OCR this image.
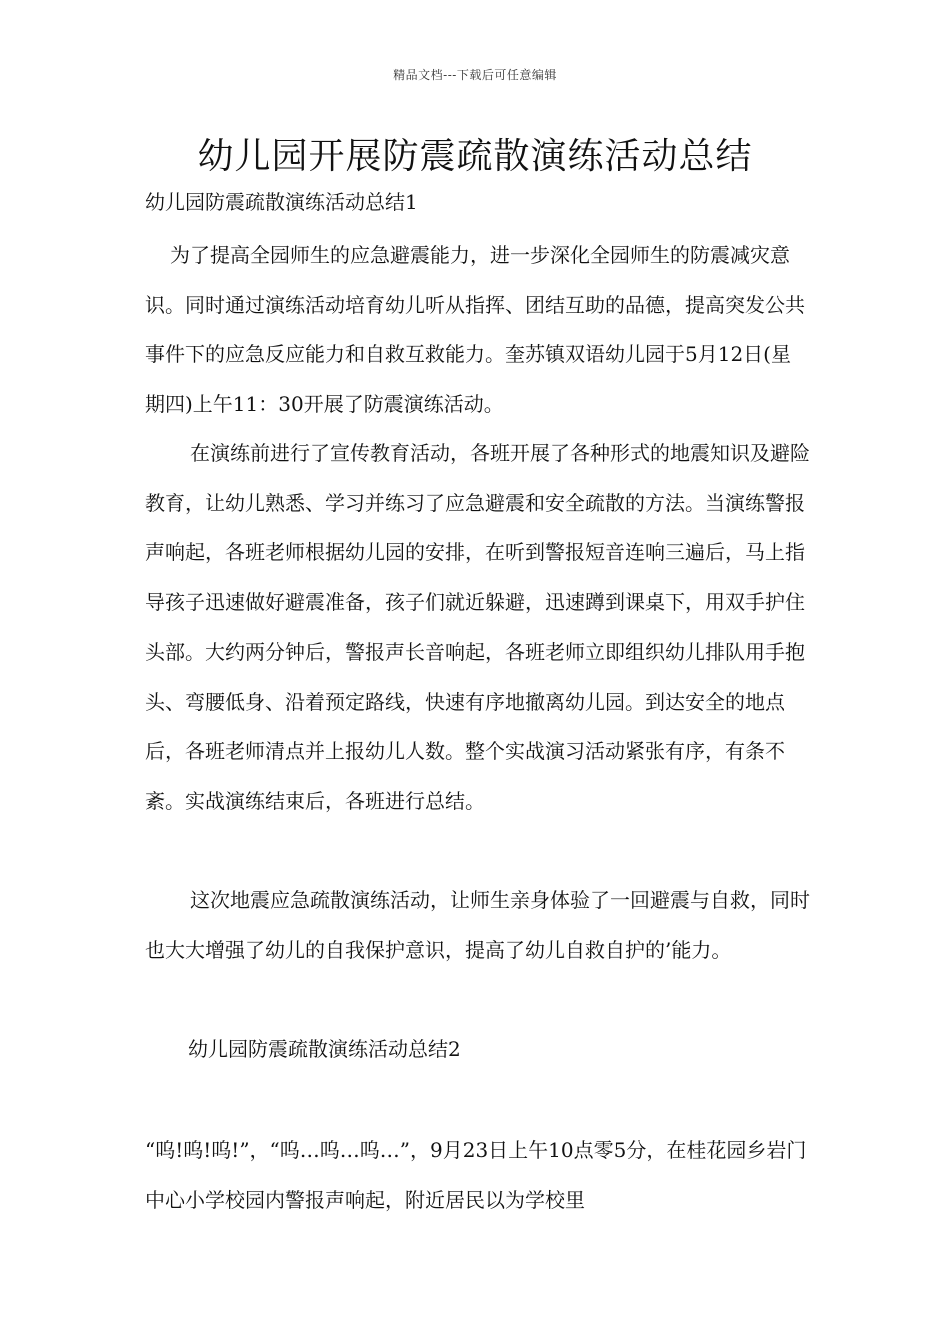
精品文档---下载后可任意编辑
幼儿园开展防震疏散演练活动总结

幼儿园防震疏散演练活动总结1

为了提高全园师生的应急避震能力，进一步深化全园师生的防震减灾意识。同时通过演练活动培育幼儿听从指挥、团结互助的品德，提高突发公共事件下的应急反应能力和自救互救能力。奎苏镇双语幼儿园于5月12日(星期四)上午11：30开展了防震演练活动。

在演练前进行了宣传教育活动，各班开展了各种形式的地震知识及避险教育，让幼儿熟悉、学习并练习了应急避震和安全疏散的方法。当演练警报声响起，各班老师根据幼儿园的安排，在听到警报短音连响三遍后，马上指导孩子迅速做好避震准备，孩子们就近躲避，迅速蹲到课桌下，用双手护住头部。大约两分钟后，警报声长音响起，各班老师立即组织幼儿排队用手抱头、弯腰低身、沿着预定路线，快速有序地撤离幼儿园。到达安全的地点后，各班老师清点并上报幼儿人数。整个实战演习活动紧张有序，有条不紊。实战演练结束后，各班进行总结。

这次地震应急疏散演练活动，让师生亲身体验了一回避震与自救，同时也大大增强了幼儿的自我保护意识，提高了幼儿自救自护的’能力。

幼儿园防震疏散演练活动总结2

“呜!呜!呜!”，“呜…呜…呜…”，9月23日上午10点零5分，在桂花园乡岩门中心小学校园内警报声响起，附近居民以为学校里
